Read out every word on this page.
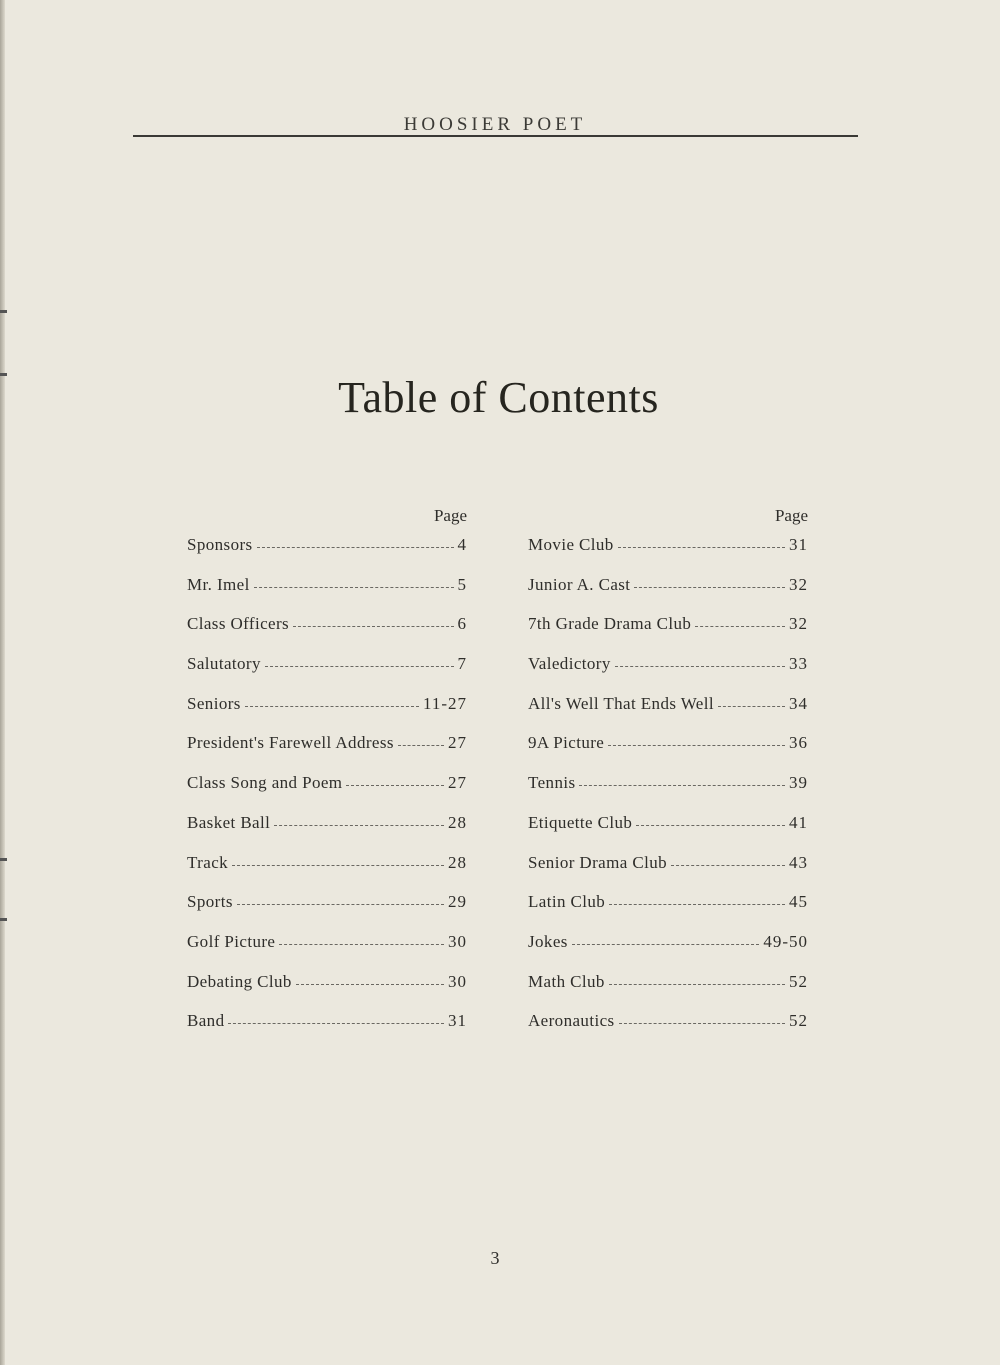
HOOSIER POET
Table of Contents
Page
Sponsors	4
Mr. Imel	5
Class Officers	6
Salutatory	7
Seniors	11-27
President's Farewell Address	27
Class Song and Poem	27
Basket Ball	28
Track	28
Sports	29
Golf Picture	30
Debating Club	30
Band	31
Page
Movie Club	31
Junior A. Cast	32
7th Grade Drama Club	32
Valedictory	33
All's Well That Ends Well	34
9A Picture	36
Tennis	39
Etiquette Club	41
Senior Drama Club	43
Latin Club	45
Jokes	49-50
Math Club	52
Aeronautics	52
3
